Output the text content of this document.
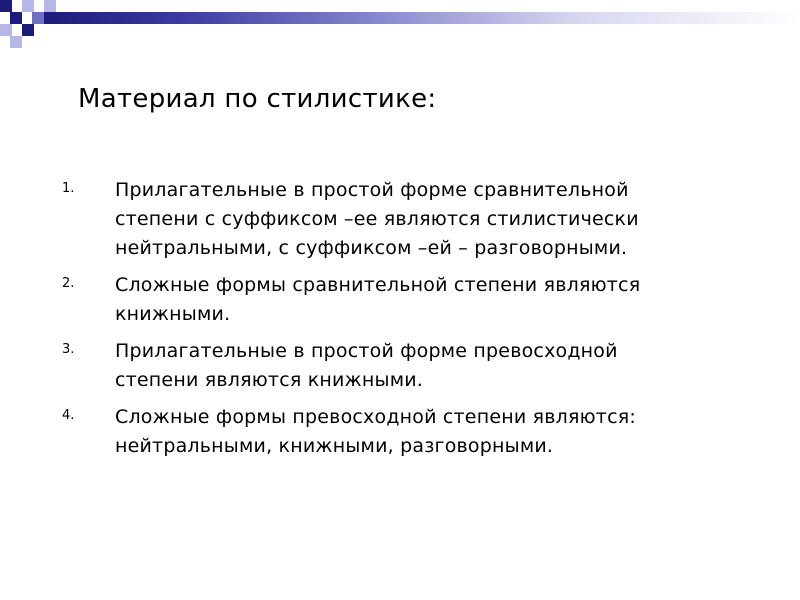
Материал по стилистике:
1. Прилагательные в простой форме сравнительной степени с суффиксом –ее являются стилистически нейтральными, с суффиксом –ей – разговорными.
2. Сложные формы сравнительной степени являются книжными.
3. Прилагательные в простой форме превосходной степени являются книжными.
4. Сложные формы превосходной степени являются: нейтральными, книжными, разговорными.
